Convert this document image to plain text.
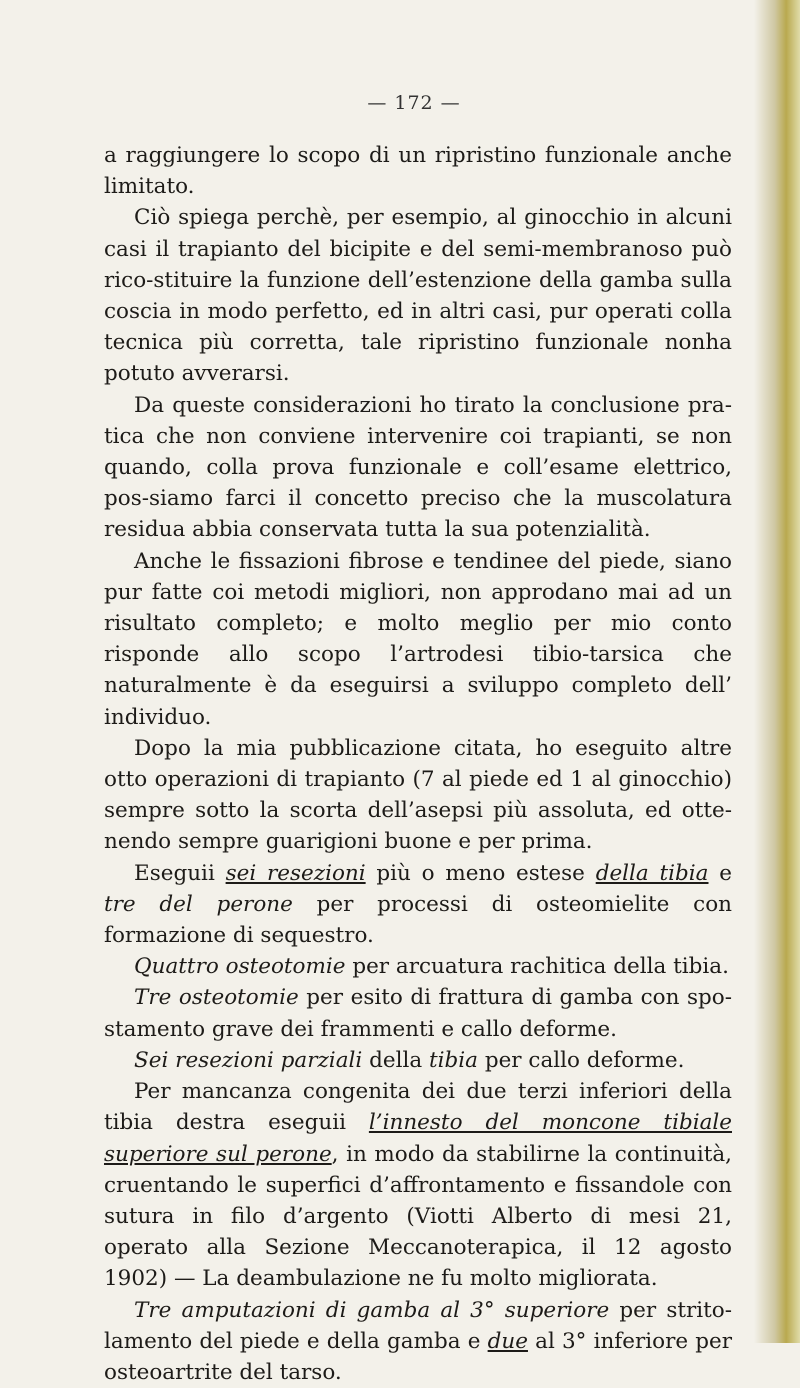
— 172 —

a raggiungere lo scopo di un ripristino funzionale anche limitato.

Ciò spiega perchè, per esempio, al ginocchio in alcuni casi il trapianto del bicipite e del semi-membranoso può rico-stituire la funzione dell’estenzione della gamba sulla coscia in modo perfetto, ed in altri casi, pur operati colla tecnica più corretta, tale ripristino funzionale nonha potuto avverarsi.

Da queste considerazioni ho tirato la conclusione pra-tica che non conviene intervenire coi trapianti, se non quando, colla prova funzionale e coll’esame elettrico, pos-siamo farci il concetto preciso che la muscolatura residua abbia conservata tutta la sua potenzialità.

Anche le fissazioni fibrose e tendinee del piede, siano pur fatte coi metodi migliori, non approdano mai ad un risultato completo; e molto meglio per mio conto risponde allo scopo l’artrodesi tibio-tarsica che naturalmente è da eseguirsi a sviluppo completo dell’ individuo.

Dopo la mia pubblicazione citata, ho eseguito altre otto operazioni di trapianto (7 al piede ed 1 al ginocchio) sempre sotto la scorta dell’asepsi più assoluta, ed otte-nendo sempre guarigioni buone e per prima.

Eseguii sei resezioni più o meno estese della tibia e tre del perone per processi di osteomielite con formazione di sequestro.

Quattro osteotomie per arcuatura rachitica della tibia.

Tre osteotomie per esito di frattura di gamba con spo-stamento grave dei frammenti e callo deforme.

Sei resezioni parziali della tibia per callo deforme.

Per mancanza congenita dei due terzi inferiori della tibia destra eseguii l’innesto del moncone tibiale superiore sul perone, in modo da stabilirne la continuità, cruentando le superfici d’affrontamento e fissandole con sutura in filo d’argento (Viotti Alberto di mesi 21, operato alla Sezione Meccanoterapica, il 12 agosto 1902) — La deambulazione ne fu molto migliorata.

Tre amputazioni di gamba al 3° superiore per strito-lamento del piede e della gamba e due al 3° inferiore per osteoartrite del tarso.
